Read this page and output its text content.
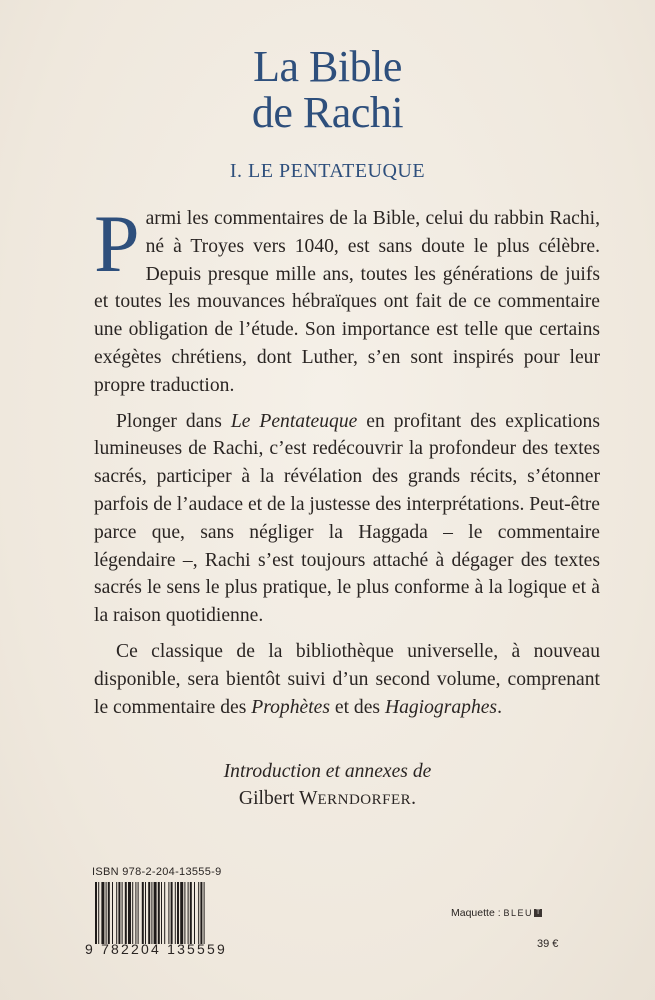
La Bible
de Rachi
I. LE PENTATEUQUE

Parmi les commentaires de la Bible, celui du rabbin Rachi, né à Troyes vers 1040, est sans doute le plus célèbre. Depuis presque mille ans, toutes les générations de juifs et toutes les mouvances hébraïques ont fait de ce commentaire une obligation de l’étude. Son importance est telle que certains exégètes chrétiens, dont Luther, s’en sont inspirés pour leur propre traduction.

Plonger dans Le Pentateuque en profitant des explications lumineuses de Rachi, c’est redécouvrir la profondeur des textes sacrés, participer à la révélation des grands récits, s’étonner parfois de l’audace et de la justesse des interprétations. Peut-être parce que, sans négliger la Haggada – le commentaire légendaire –, Rachi s’est toujours attaché à dégager des textes sacrés le sens le plus pratique, le plus conforme à la logique et à la raison quotidienne.

Ce classique de la bibliothèque universelle, à nouveau disponible, sera bientôt suivi d’un second volume, comprenant le commentaire des Prophètes et des Hagiographes.

Introduction et annexes de
Gilbert WERNDORFER.
ISBN 978-2-204-13555-9
9 782204 135559
Maquette : BLEU T
39 €
